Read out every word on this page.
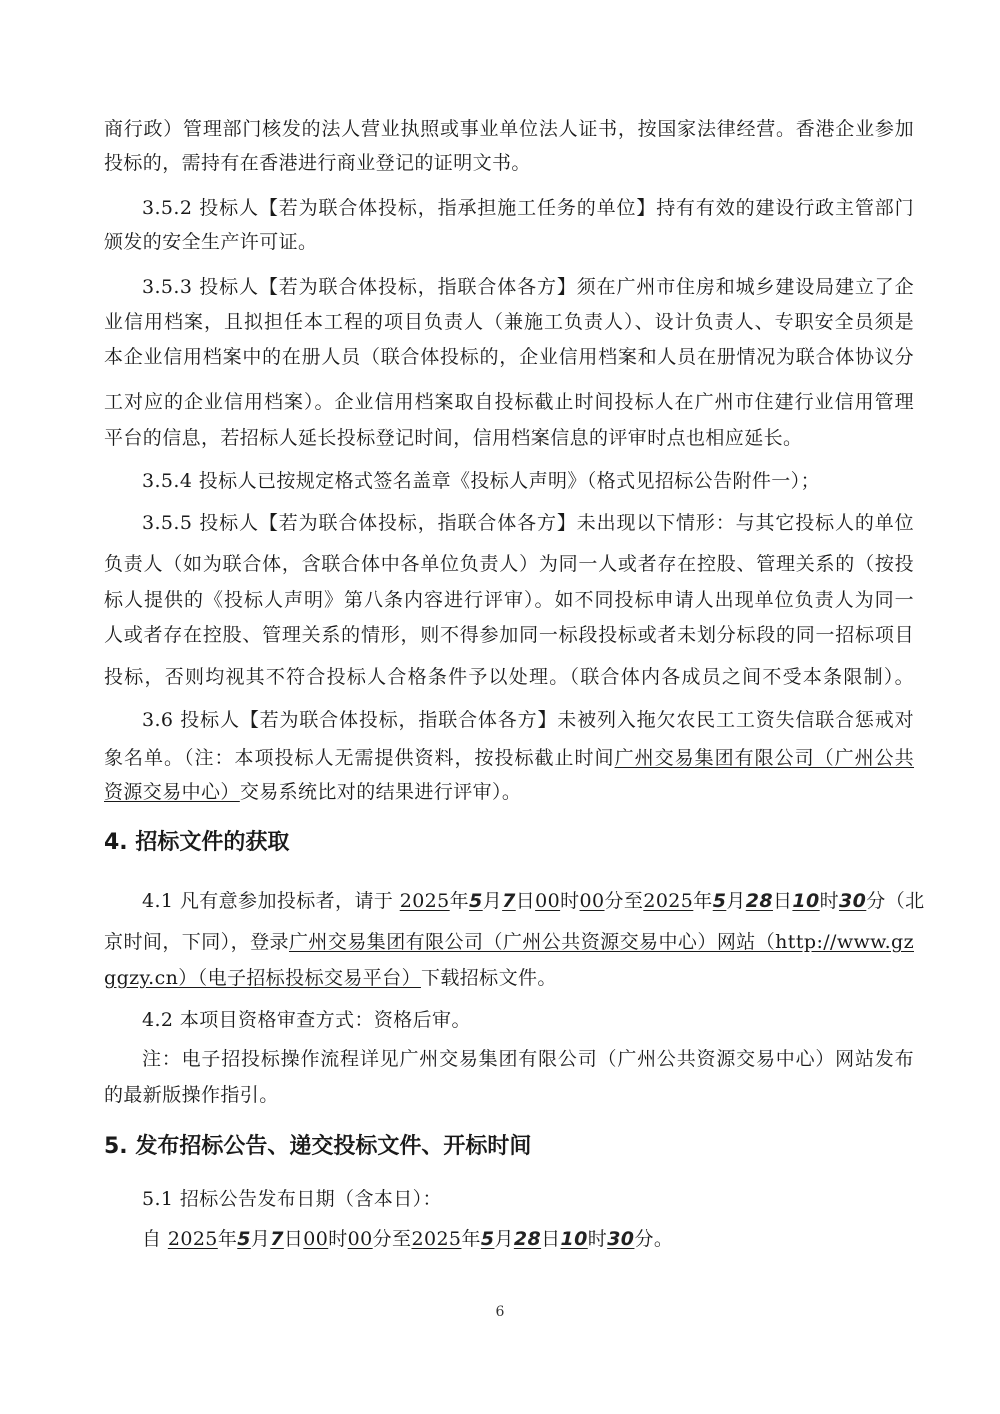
商行政）管理部门核发的法人营业执照或事业单位法人证书，按国家法律经营。香港企业参加
投标的，需持有在香港进行商业登记的证明文书。
3.5.2 投标人【若为联合体投标，指承担施工任务的单位】持有有效的建设行政主管部门
颁发的安全生产许可证。
3.5.3 投标人【若为联合体投标，指联合体各方】须在广州市住房和城乡建设局建立了企
业信用档案，且拟担任本工程的项目负责人（兼施工负责人）、设计负责人、专职安全员须是
本企业信用档案中的在册人员（联合体投标的，企业信用档案和人员在册情况为联合体协议分
工对应的企业信用档案）。企业信用档案取自投标截止时间投标人在广州市住建行业信用管理
平台的信息，若招标人延长投标登记时间，信用档案信息的评审时点也相应延长。
3.5.4 投标人已按规定格式签名盖章《投标人声明》（格式见招标公告附件一）；
3.5.5 投标人【若为联合体投标，指联合体各方】未出现以下情形：与其它投标人的单位
负责人（如为联合体，含联合体中各单位负责人）为同一人或者存在控股、管理关系的（按投
标人提供的《投标人声明》第八条内容进行评审）。如不同投标申请人出现单位负责人为同一
人或者存在控股、管理关系的情形，则不得参加同一标段投标或者未划分标段的同一招标项目
投标，否则均视其不符合投标人合格条件予以处理。（联合体内各成员之间不受本条限制）。
3.6 投标人【若为联合体投标，指联合体各方】未被列入拖欠农民工工资失信联合惩戒对
象名单。（注：本项投标人无需提供资料，按投标截止时间广州交易集团有限公司（广州公共
资源交易中心）交易系统比对的结果进行评审）。
4. 招标文件的获取
4.1 凡有意参加投标者，请于 2025年5月7日00时00分至2025年5月28日10时30分（北
京时间，下同），登录广州交易集团有限公司（广州公共资源交易中心）网站（http://www.gz
ggzy.cn）（电子招标投标交易平台）下载招标文件。
4.2 本项目资格审查方式：资格后审。
注：电子招投标操作流程详见广州交易集团有限公司（广州公共资源交易中心）网站发布
的最新版操作指引。
5. 发布招标公告、递交投标文件、开标时间
5.1 招标公告发布日期（含本日）：
自 2025年5月7日00时00分至2025年5月28日10时30分。
6
